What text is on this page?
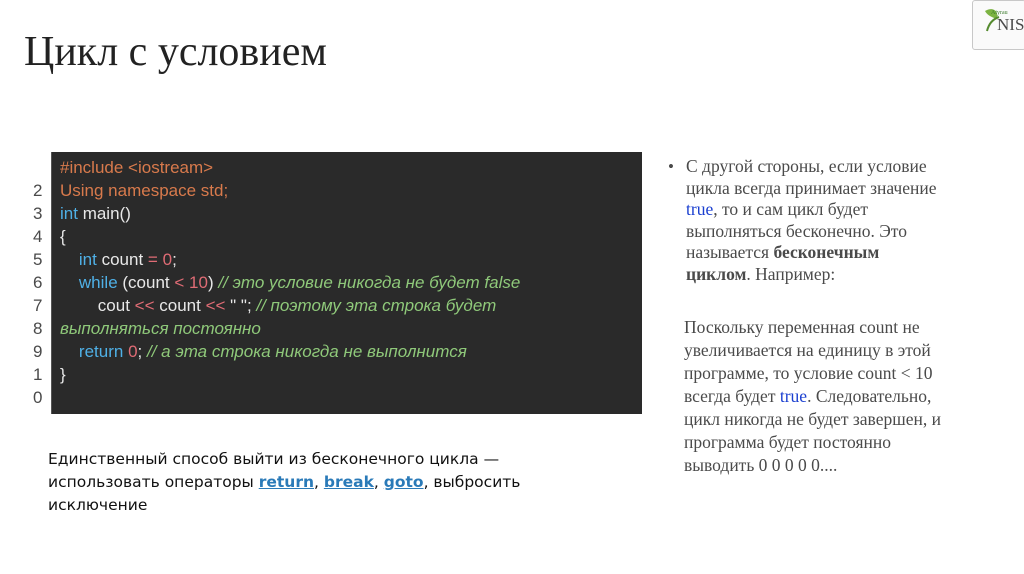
Цикл с условием
Atyrau
NIS
2
3
4
5
6
7
8
9
1
0
#include <iostream>
Using namespace std;
int main()
{
int count = 0;
while (count < 10) // это условие никогда не будет false
cout << count << " "; // поэтому эта строка будет
выполняться постоянно
return 0; // а эта строка никогда не выполнится
}
Единственный способ выйти из бесконечного цикла — использовать операторы return, break, goto, выбросить исключение
• С другой стороны, если условие цикла всегда принимает значение true, то и сам цикл будет выполняться бесконечно. Это называется бесконечным циклом. Например:
Поскольку переменная count не увеличивается на единицу в этой программе, то условие count < 10 всегда будет true. Следовательно, цикл никогда не будет завершен, и программа будет постоянно выводить 0 0 0 0 0....
